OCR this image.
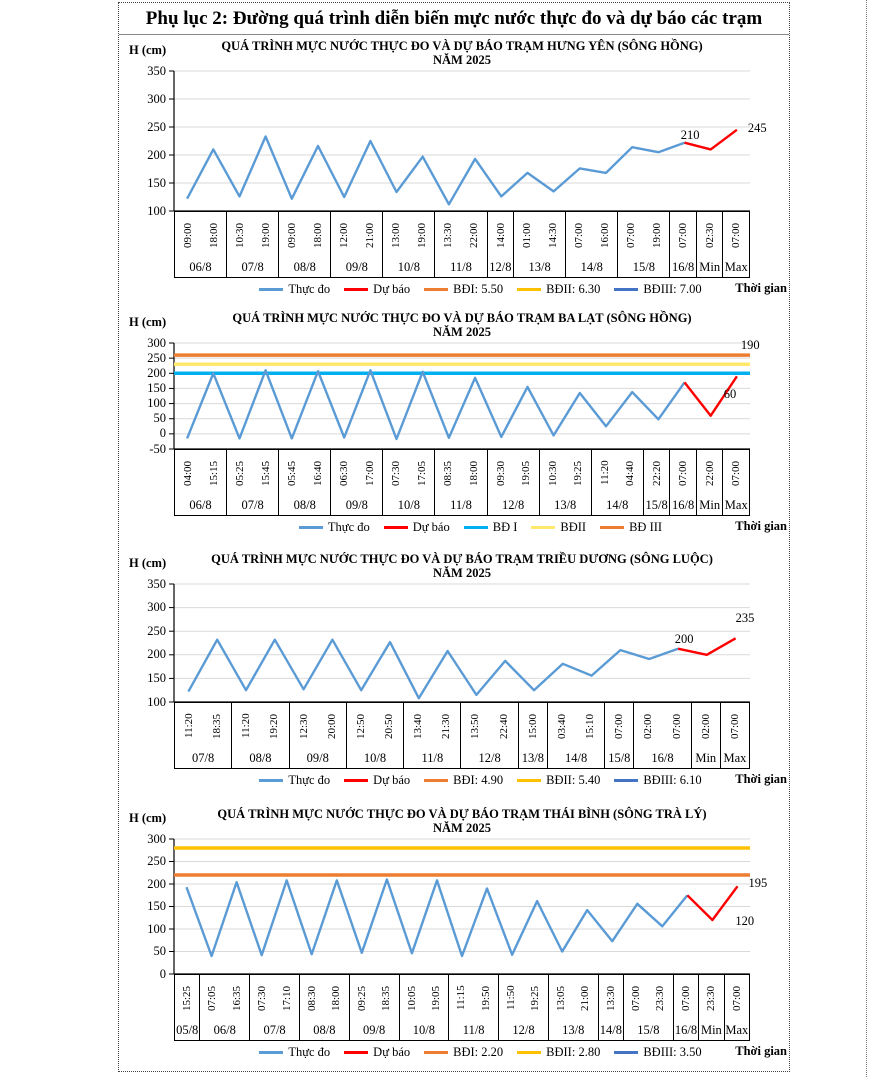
Phụ lục 2: Đường quá trình diễn biến mực nước thực đo và dự báo các trạm
H (cm)	QUÁ TRÌNH MỰC NƯỚC THỰC ĐO VÀ DỰ BÁO TRẠM HƯNG YÊN (SÔNG HỒNG)
NĂM 2025
100
150
200
250
300
350
210
245
09:00	18:00
06/8
10:30	19:00
07/8
09:00	18:00
08/8
12:00	21:00
09/8
13:00	19:00
10/8
13:30	22:00
11/8
14:00
12/8
01:00	14:30
13/8
07:00	16:00
14/8
07:00	19:00
15/8
07:00
16/8
02:30
Min
07:00
Max
Thực đo	Dự báo	BĐI: 5.50	BĐII: 6.30	BĐIII: 7.00	Thời gian
H (cm)	QUÁ TRÌNH MỰC NƯỚC THỰC ĐO VÀ DỰ BÁO TRẠM BA LẠT (SÔNG HỒNG)
NĂM 2025
-50
0
50
100
150
200
250
300
60
190
04:00	15:15
06/8
05:25	15:45
07/8
05:45	16:40
08/8
06:30	17:00
09/8
07:30	17:05
10/8
08:35	18:00
11/8
09:30	19:05
12/8
10:30	19:25
13/8
11:20	04:40
14/8
22:20
15/8
07:00
16/8
22:00
Min
07:00
Max
Thực đo	Dự báo	BĐ I	BĐII	BĐ III	Thời gian
H (cm)	QUÁ TRÌNH MỰC NƯỚC THỰC ĐO VÀ DỰ BÁO TRẠM TRIỀU DƯƠNG (SÔNG LUỘC)
NĂM 2025
100
150
200
250
300
350
200
235
11:20	18:35
07/8
11:20	19:20
08/8
12:30	20:00
09/8
12:50	20:50
10/8
13:40	21:30
11/8
13:50	22:40
12/8
15:00
13/8
03:40	15:10
14/8
07:00
15/8
02:00	07:00
16/8
02:00
Min
07:00
Max
Thực đo	Dự báo	BĐI: 4.90	BĐII: 5.40	BĐIII: 6.10	Thời gian
H (cm)	QUÁ TRÌNH MỰC NƯỚC THỰC ĐO VÀ DỰ BÁO TRẠM THÁI BÌNH (SÔNG TRÀ LÝ)
NĂM 2025
0
50
100
150
200
250
300
195
120
15:25
05/8
07:05	16:35
06/8
07:30	17:10
07/8
08:30	18:00
08/8
09:25	18:35
09/8
10:05	19:05
10/8
11:15	19:50
11/8
11:50	19:25
12/8
13:05	21:00
13/8
13:30
14/8
07:00	23:30
15/8
07:00
16/8
23:30
Min
07:00
Max
Thực đo	Dự báo	BĐI: 2.20	BĐII: 2.80	BĐIII: 3.50	Thời gian
